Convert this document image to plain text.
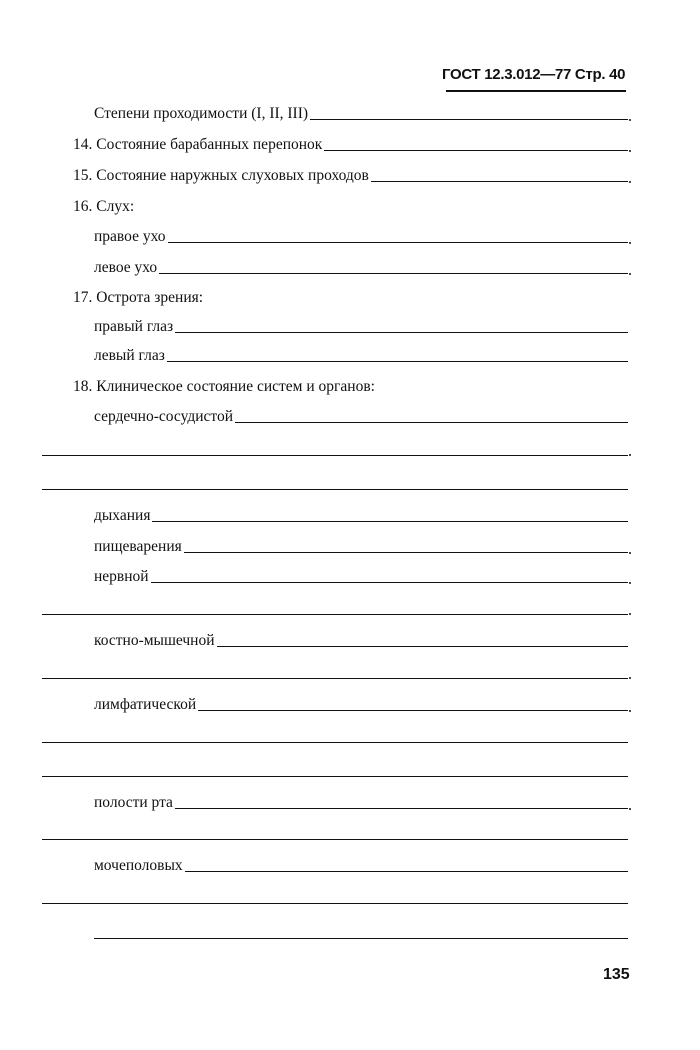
ГОСТ 12.3.012—77 Стр. 40
Степени проходимости (I, II, III)
14. Состояние барабанных перепонок
15. Состояние наружных слуховых проходов
16. Слух:
правое ухо
левое ухо
17. Острота зрения:
правый глаз
левый глаз
18. Клиническое состояние систем и органов:
сердечно-сосудистой
дыхания
пищеварения
нервной
костно-мышечной
лимфатической
полости рта
мочеполовых
135
